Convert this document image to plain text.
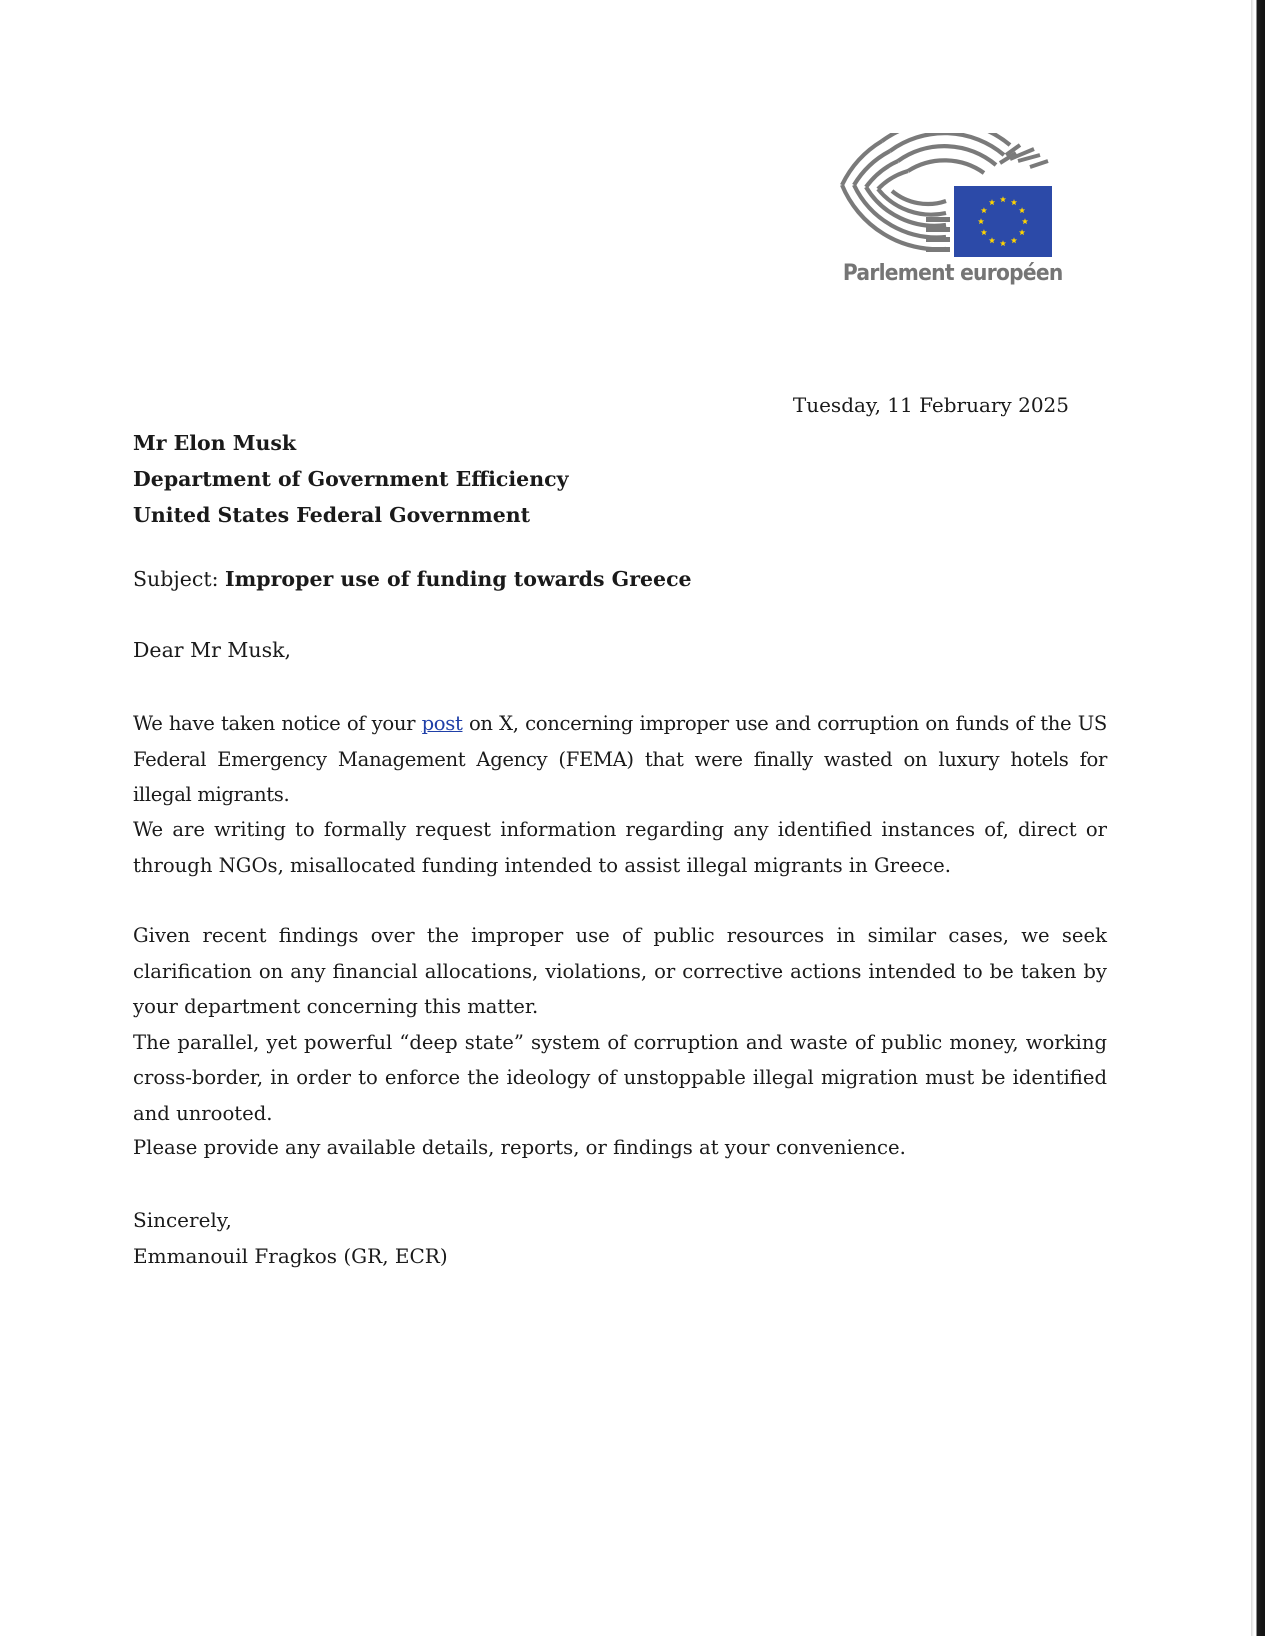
Parlement européen
Tuesday, 11 February 2025
Mr Elon Musk
Department of Government Efficiency
United States Federal Government
Subject: Improper use of funding towards Greece
Dear Mr Musk,
We have taken notice of your post on X, concerning improper use and corruption on funds of the US Federal Emergency Management Agency (FEMA) that were finally wasted on luxury hotels for illegal migrants.
We are writing to formally request information regarding any identified instances of, direct or through NGOs, misallocated funding intended to assist illegal migrants in Greece.
Given recent findings over the improper use of public resources in similar cases, we seek clarification on any financial allocations, violations, or corrective actions intended to be taken by your department concerning this matter.
The parallel, yet powerful “deep state” system of corruption and waste of public money, working cross-border, in order to enforce the ideology of unstoppable illegal migration must be identified and unrooted.
Please provide any available details, reports, or findings at your convenience.
Sincerely,
Emmanouil Fragkos (GR, ECR)
